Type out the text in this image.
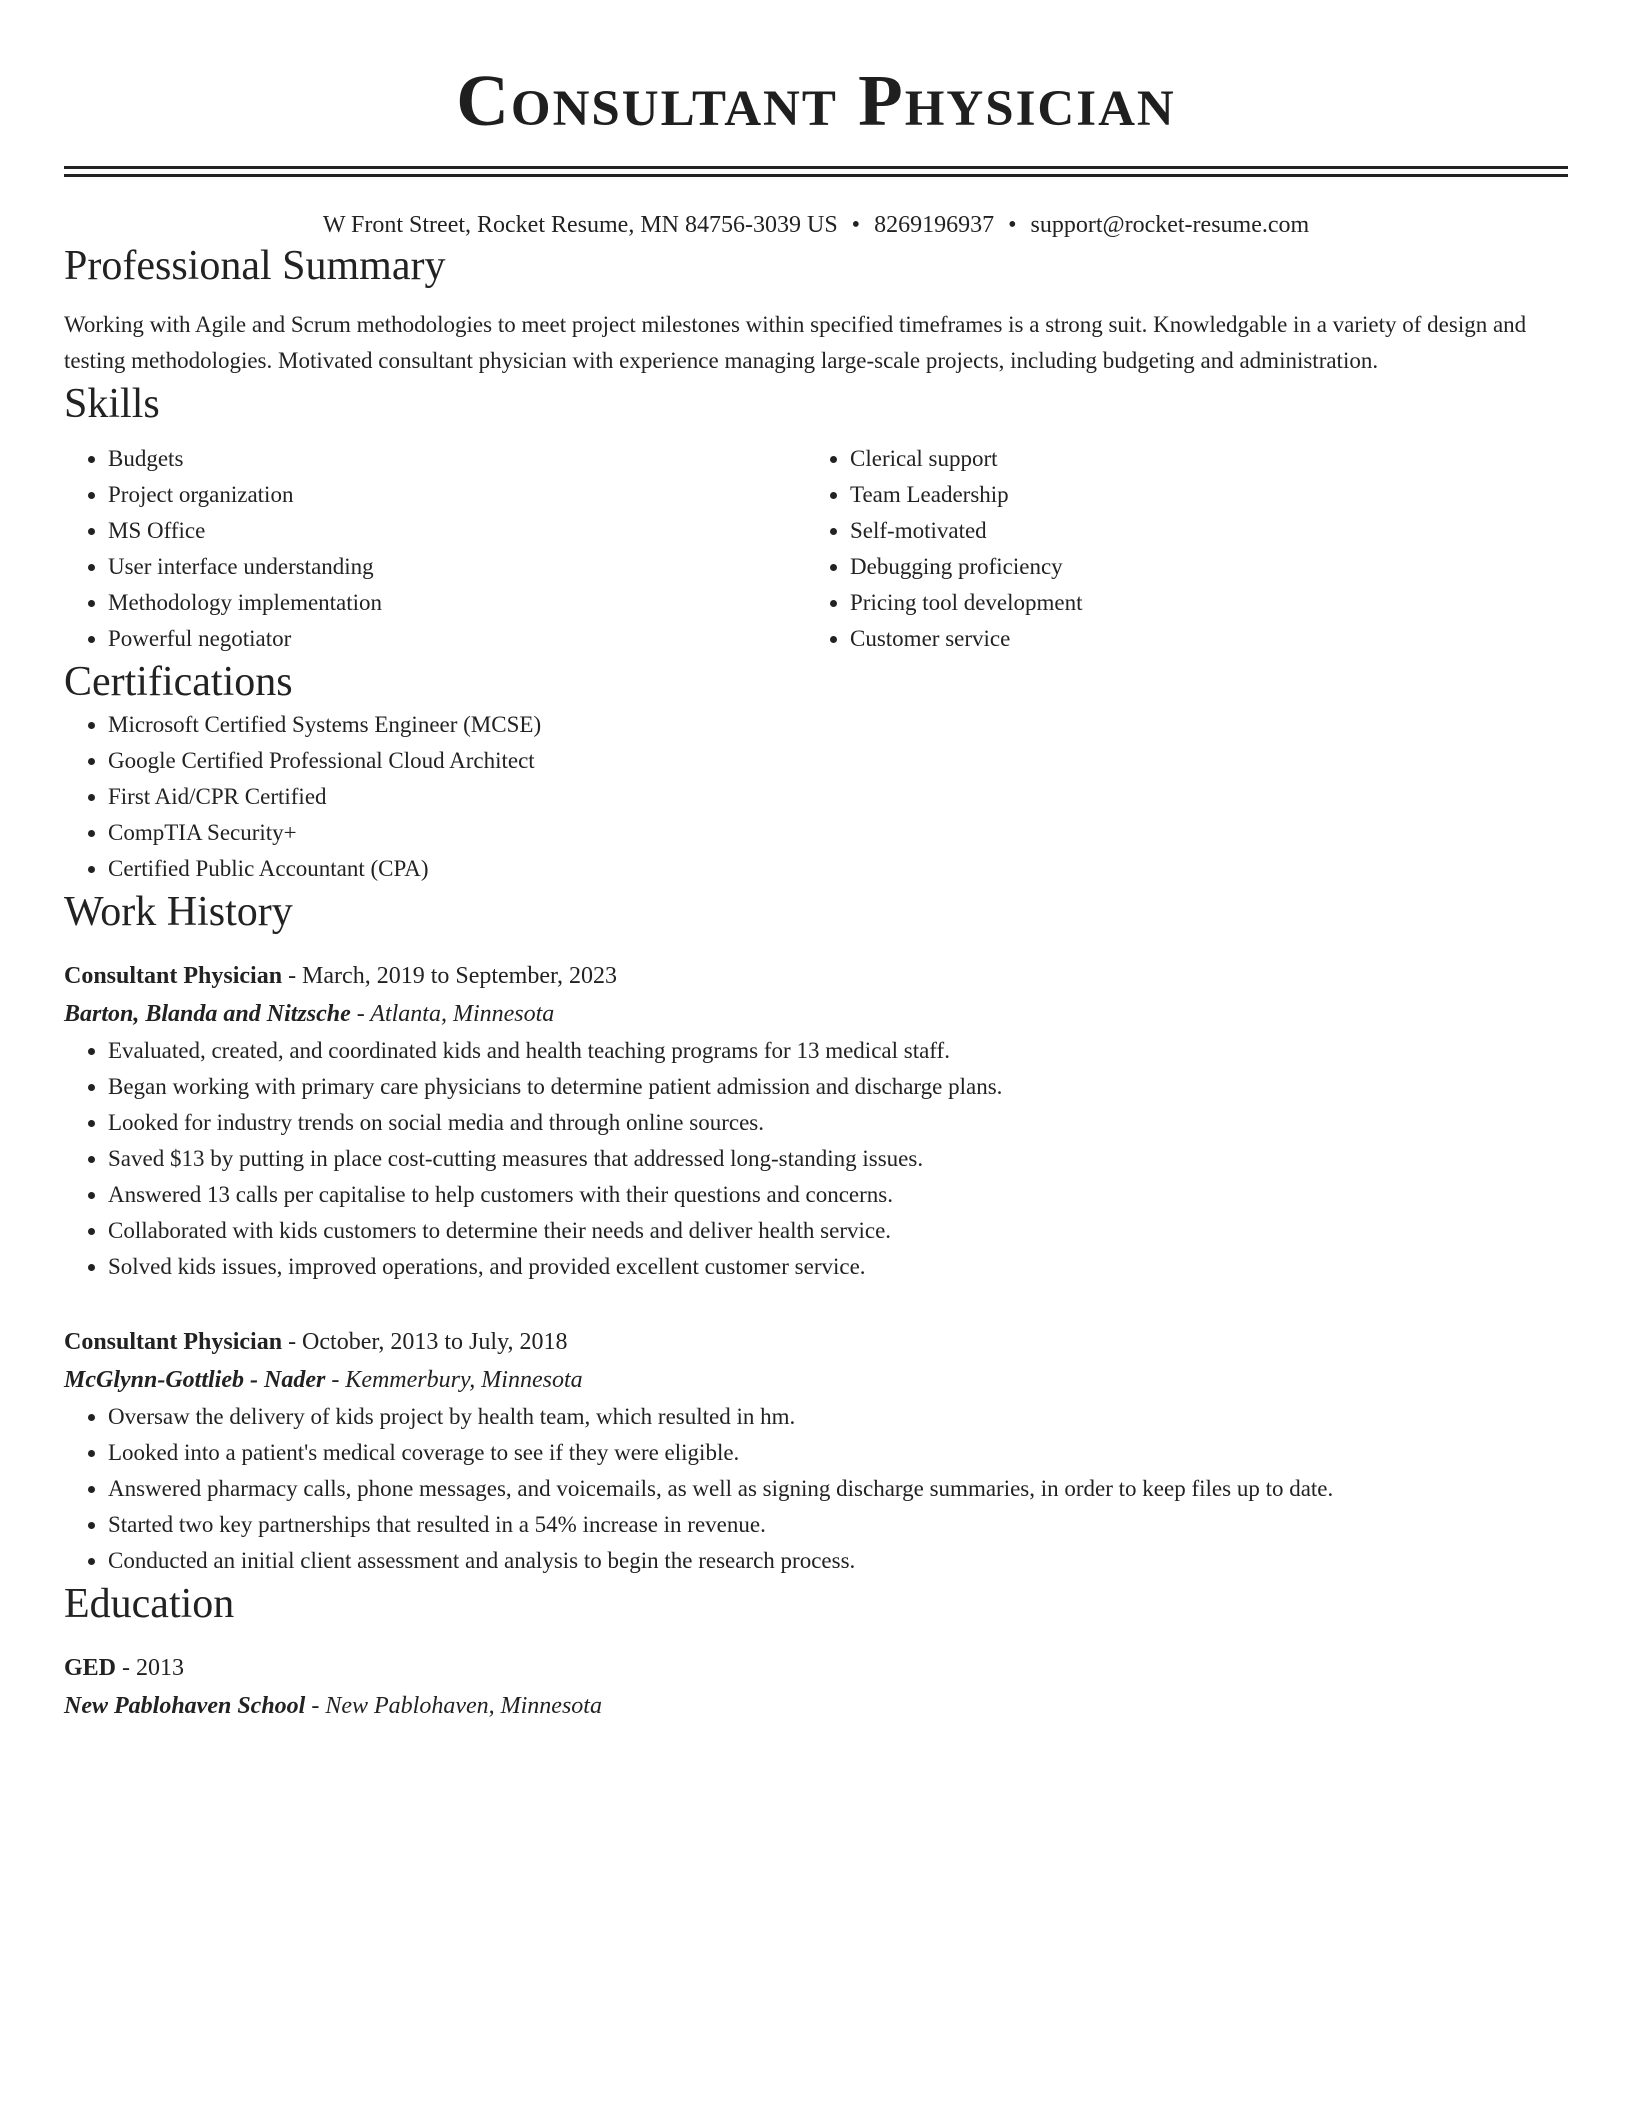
Consultant Physician
W Front Street, Rocket Resume, MN 84756-3039 US • 8269196937 • support@rocket-resume.com
Professional Summary

Working with Agile and Scrum methodologies to meet project milestones within specified timeframes is a strong suit. Knowledgable in a variety of design and testing methodologies. Motivated consultant physician with experience managing large-scale projects, including budgeting and administration.

Skills
• Budgets
• Project organization
• MS Office
• User interface understanding
• Methodology implementation
• Powerful negotiator
• Clerical support
• Team Leadership
• Self-motivated
• Debugging proficiency
• Pricing tool development
• Customer service
Certifications
• Microsoft Certified Systems Engineer (MCSE)
• Google Certified Professional Cloud Architect
• First Aid/CPR Certified
• CompTIA Security+
• Certified Public Accountant (CPA)
Work History
Consultant Physician - March, 2019 to September, 2023
Barton, Blanda and Nitzsche - Atlanta, Minnesota
• Evaluated, created, and coordinated kids and health teaching programs for 13 medical staff.
• Began working with primary care physicians to determine patient admission and discharge plans.
• Looked for industry trends on social media and through online sources.
• Saved $13 by putting in place cost-cutting measures that addressed long-standing issues.
• Answered 13 calls per capitalise to help customers with their questions and concerns.
• Collaborated with kids customers to determine their needs and deliver health service.
• Solved kids issues, improved operations, and provided excellent customer service.
Consultant Physician - October, 2013 to July, 2018
McGlynn-Gottlieb - Nader - Kemmerbury, Minnesota
• Oversaw the delivery of kids project by health team, which resulted in hm.
• Looked into a patient's medical coverage to see if they were eligible.
• Answered pharmacy calls, phone messages, and voicemails, as well as signing discharge summaries, in order to keep files up to date.
• Started two key partnerships that resulted in a 54% increase in revenue.
• Conducted an initial client assessment and analysis to begin the research process.
Education
GED - 2013
New Pablohaven School - New Pablohaven, Minnesota
